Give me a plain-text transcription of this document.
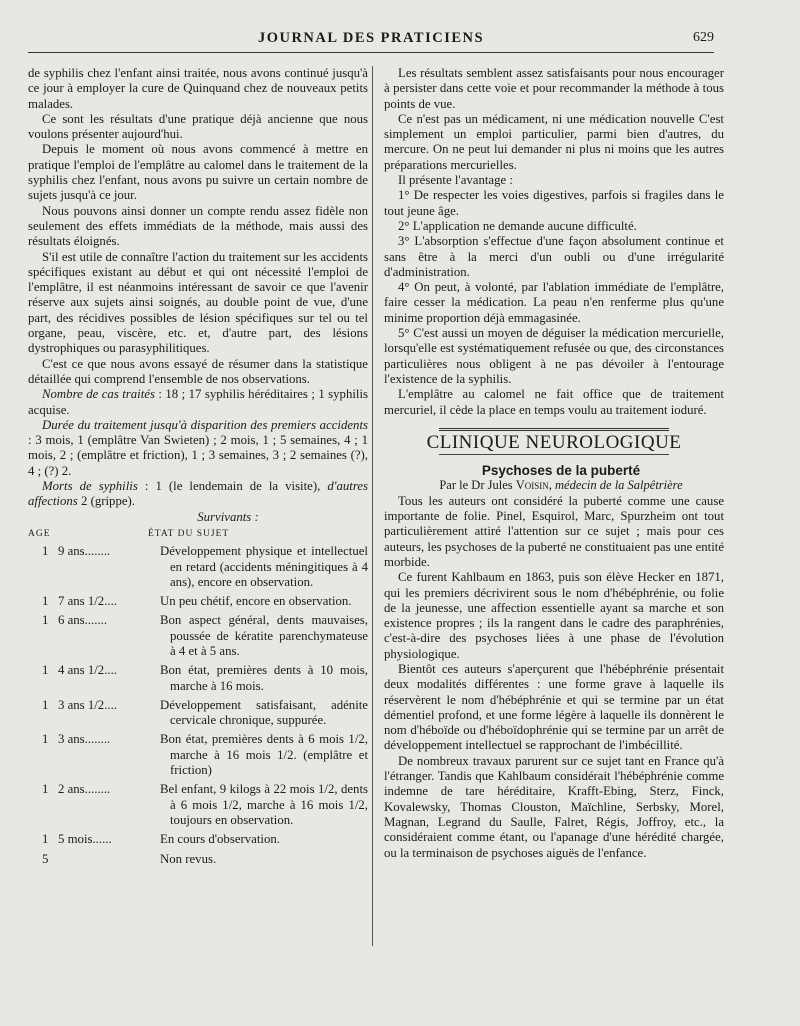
JOURNAL DES PRATICIENS	629

de syphilis chez l'enfant ainsi traitée, nous avons continué jusqu'à ce jour à employer la cure de Quinquand chez de nouveaux petits malades.

Ce sont les résultats d'une pratique déjà ancienne que nous voulons présenter aujourd'hui.

Depuis le moment où nous avons commencé à mettre en pratique l'emploi de l'emplâtre au calomel dans le traitement de la syphilis chez l'enfant, nous avons pu suivre un certain nombre de sujets jusqu'à ce jour.

Nous pouvons ainsi donner un compte rendu assez fidèle non seulement des effets immédiats de la méthode, mais aussi des résultats éloignés.

S'il est utile de connaître l'action du traitement sur les accidents spécifiques existant au début et qui ont nécessité l'emploi de l'emplâtre, il est néanmoins intéressant de savoir ce que l'avenir réserve aux sujets ainsi soignés, au double point de vue, d'une part, des récidives possibles de lésion spécifiques sur tel ou tel organe, peau, viscère, etc. et, d'autre part, des lésions dystrophiques ou parasyphilitiques.

C'est ce que nous avons essayé de résumer dans la statistique détaillée qui comprend l'ensemble de nos observations.

Nombre de cas traités : 18 ; 17 syphilis héréditaires ; 1 syphilis acquise.

Durée du traitement jusqu'à disparition des premiers accidents : 3 mois, 1 (emplâtre Van Swieten) ; 2 mois, 1 ; 5 semaines, 4 ; 1 mois, 2 ; (emplâtre et friction), 1 ; 3 semaines, 3 ; 2 semaines (?), 4 ; (?) 2.

Morts de syphilis : 1 (le lendemain de la visite), d'autres affections 2 (grippe).

Survivants :

AGE		ÉTAT DU SUJET
1	9 ans........	Développement physique et intellectuel en retard (accidents méningitiques à 4 ans), encore en observation.
1	7 ans 1/2....	Un peu chétif, encore en observation.
1	6 ans.......	Bon aspect général, dents mauvaises, poussée de kératite parenchymateuse à 4 et à 5 ans.
1	4 ans 1/2....	Bon état, premières dents à 10 mois, marche à 16 mois.
1	3 ans 1/2....	Développement satisfaisant, adénite cervicale chronique, suppurée.
1	3 ans........	Bon état, premières dents à 6 mois 1/2, marche à 16 mois 1/2. (emplâtre et friction)
1	2 ans........	Bel enfant, 9 kilogs à 22 mois 1/2, dents à 6 mois 1/2, marche à 16 mois 1/2, toujours en observation.
1	5 mois......	En cours d'observation.
5		Non revus.

Les résultats semblent assez satisfaisants pour nous encourager à persister dans cette voie et pour recommander la méthode à tous points de vue.

Ce n'est pas un médicament, ni une médication nouvelle C'est simplement un emploi particulier, parmi bien d'autres, du mercure. On ne peut lui demander ni plus ni moins que les autres préparations mercurielles.

Il présente l'avantage :

1° De respecter les voies digestives, parfois si fragiles dans le tout jeune âge.

2° L'application ne demande aucune difficulté.

3° L'absorption s'effectue d'une façon absolument continue et sans être à la merci d'un oubli ou d'une irrégularité d'administration.

4° On peut, à volonté, par l'ablation immédiate de l'emplâtre, faire cesser la médication. La peau n'en renferme plus qu'une minime proportion déjà emmagasinée.

5° C'est aussi un moyen de déguiser la médication mercurielle, lorsqu'elle est systématiquement refusée ou que, des circonstances particulières nous obligent à ne pas dévoiler à l'entourage l'existence de la syphilis.

L'emplâtre au calomel ne fait office que de traitement mercuriel, il cède la place en temps voulu au traitement ioduré.

CLINIQUE NEUROLOGIQUE

Psychoses de la puberté

Par le Dr Jules Voisin, médecin de la Salpêtrière

Tous les auteurs ont considéré la puberté comme une cause importante de folie. Pinel, Esquirol, Marc, Spurzheim ont tout particulièrement attiré l'attention sur ce sujet ; mais pour ces auteurs, les psychoses de la puberté ne constituaient pas une entité morbide.

Ce furent Kahlbaum en 1863, puis son élève Hecker en 1871, qui les premiers décrivirent sous le nom d'hébéphrénie, ou folie de la jeunesse, une affection essentielle ayant sa marche et son existence propres ; ils la rangent dans le cadre des paraphrénies, c'est-à-dire des psychoses liées à une phase de l'évolution physiologique.

Bientôt ces auteurs s'aperçurent que l'hébéphrénie présentait deux modalités différentes : une forme grave à laquelle ils réservèrent le nom d'hébéphrénie et qui se termine par un état démentiel profond, et une forme légère à laquelle ils donnèrent le nom d'héboïde ou d'héboïdophrénie qui se termine par un arrêt de développement intellectuel se rapprochant de l'imbécillité.

De nombreux travaux parurent sur ce sujet tant en France qu'à l'étranger. Tandis que Kahlbaum considérait l'hébéphrénie comme indemne de tare héréditaire, Krafft-Ebing, Sterz, Finck, Kovalewsky, Thomas Clouston, Maïchline, Serbsky, Morel, Magnan, Legrand du Saulle, Falret, Régis, Joffroy, etc., la considéraient comme étant, ou l'apanage d'une hérédité chargée, ou la terminaison de psychoses aiguës de l'enfance.
